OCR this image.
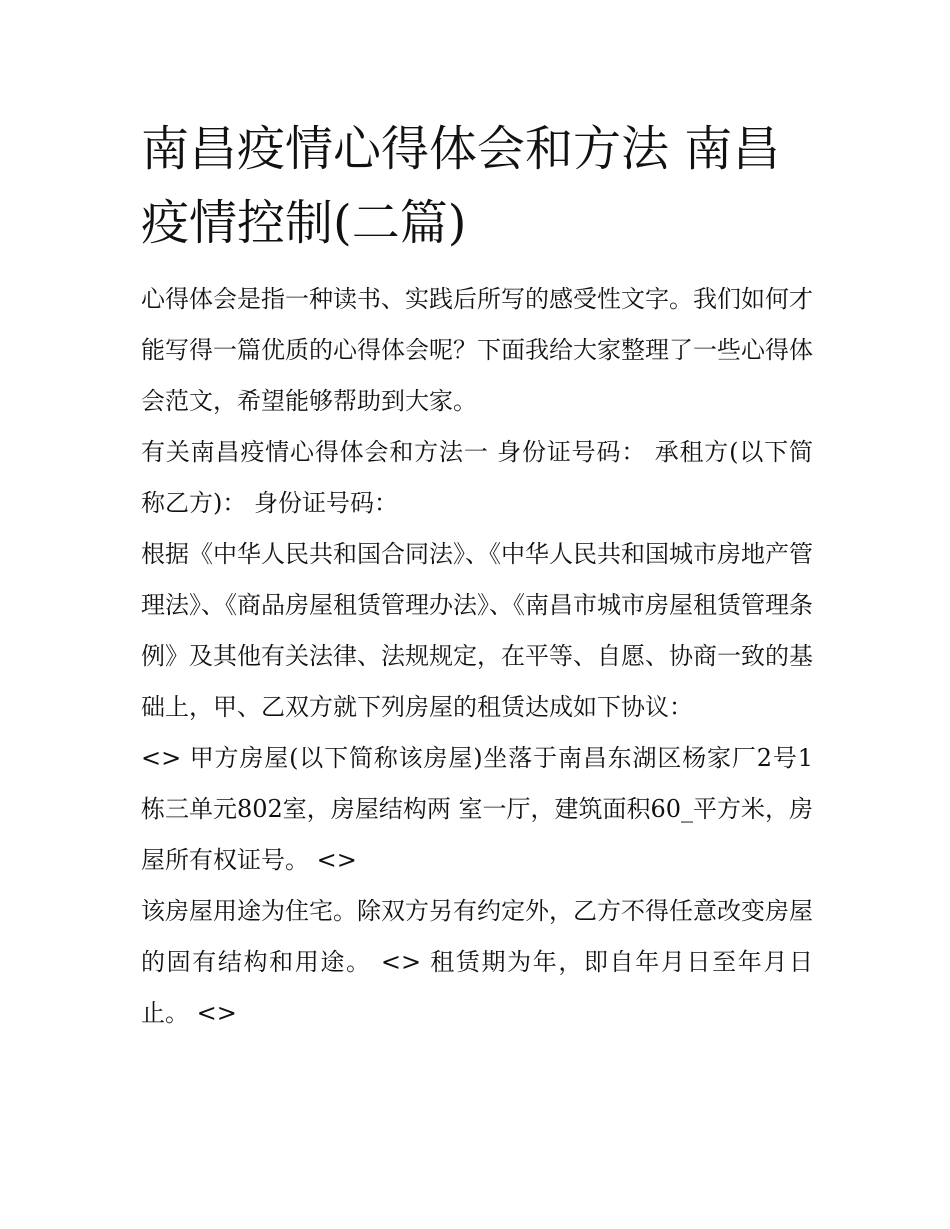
南昌疫情心得体会和方法 南昌疫情控制(二篇)

心得体会是指一种读书、实践后所写的感受性文字。我们如何才能写得一篇优质的心得体会呢？下面我给大家整理了一些心得体会范文，希望能够帮助到大家。

有关南昌疫情心得体会和方法一 身份证号码： 承租方(以下简称乙方)： 身份证号码：

根据《中华人民共和国合同法》、《中华人民共和国城市房地产管理法》、《商品房屋租赁管理办法》、《南昌市城市房屋租赁管理条例》及其他有关法律、法规规定，在平等、自愿、协商一致的基础上，甲、乙双方就下列房屋的租赁达成如下协议：

<> 甲方房屋(以下简称该房屋)坐落于南昌东湖区杨家厂2号1栋三单元802室，房屋结构两 室一厅，建筑面积60_平方米，房屋所有权证号。 <>

该房屋用途为住宅。除双方另有约定外，乙方不得任意改变房屋的固有结构和用途。 <> 租赁期为年，即自年月日至年月日止。 <>
